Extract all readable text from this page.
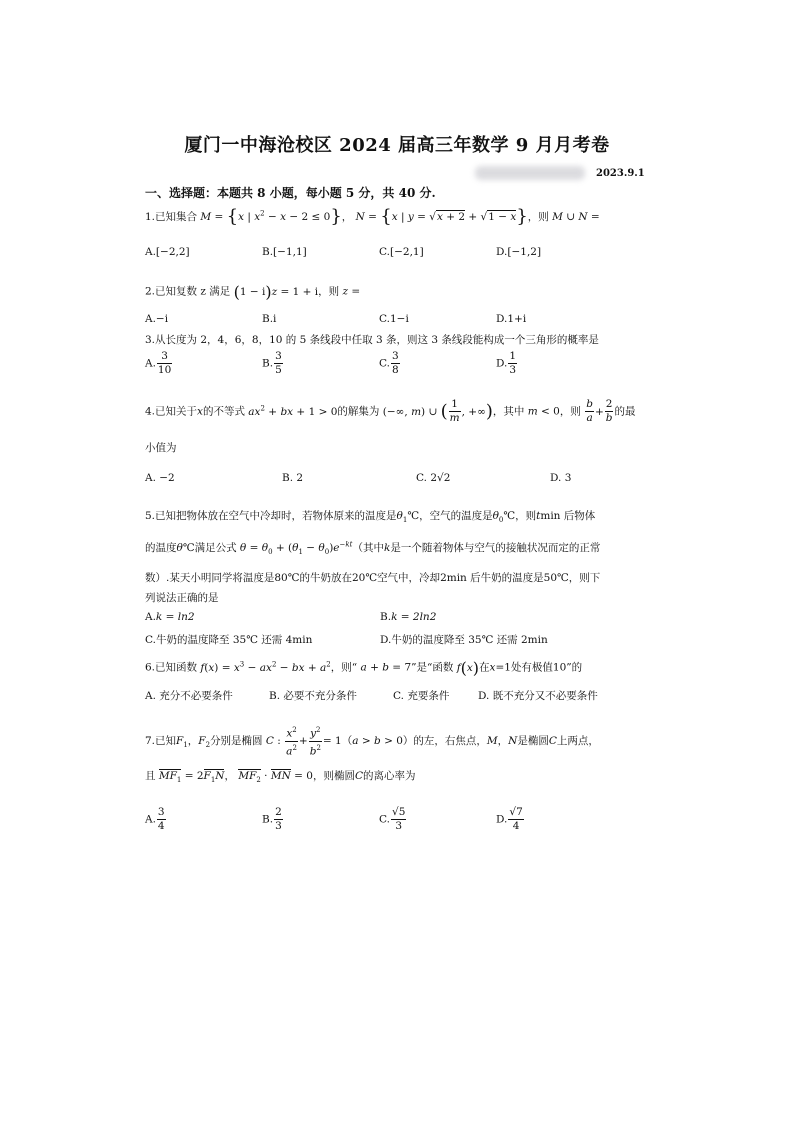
厦门一中海沧校区 2024 届高三年数学 9 月月考卷
2023.9.1
一、选择题：本题共 8 小题，每小题 5 分，共 40 分.
1.已知集合 M = {x | $x^2 - x - 2 \le 0$}， N = {x | y = √x + 2 + √1 − x}，则 M ∪ N =
A.[−2,2]	B.[−1,1]	C.[−2,1]	D.[−1,2]
2.已知复数 z 满足 (1 − i)z = 1 + i，则 z =
A.−i	B.i	C.1−i	D.1+i
3.从长度为 2，4，6，8，10 的 5 条线段中任取 3 条，则这 3 条线段能构成一个三角形的概率是
A. $\frac{3}{10}$	B. $\frac{3}{5}$	C. $\frac{3}{8}$	D. $\frac{1}{3}$
4.已知关于x的不等式 $ax^2$ + bx + 1 > 0的解集为 (−∞, m) ∪ ( $\frac{1}{m}$ , +∞)，其中 m < 0，则 $\frac{b}{a} + \frac{2}{b}$ 的最
小值为
A. −2	B. 2	C. 2√2	D. 3
5.已知把物体放在空气中冷却时，若物体原来的温度是$\theta_1℃$，空气的温度是$\theta_0℃$，则tmin 后物体
的温度θ℃满足公式 $\theta = \theta_0 + (\theta_1 - \theta_0)e^{-kt}$（其中k是一个随着物体与空气的接触状况而定的正常
数）.某天小明同学将温度是80℃的牛奶放在20℃空气中，冷却2min 后牛奶的温度是50℃，则下
列说法正确的是
A.k = ln2	B.k = 2ln2
C.牛奶的温度降至 35℃ 还需 4min	D.牛奶的温度降至 35℃ 还需 2min
6.已知函数 $f(x) = x^3 - ax^2$ − bx + $a^2$，则“ a + b = 7”是“函数 f(x)在x=1处有极值10”的
A. 充分不必要条件	B. 必要不充分条件	C. 充要条件	D. 既不充分又不必要条件
7.已知$F_1$，$F_2$分别是椭圆 C : $\frac{x^2}{a^2} + \frac{y^2}{b^2} = 1(a > b > 0)$的左，右焦点，M，N是椭圆C上两点，
且 $MF_1 = 2F_1N$， $MF_2$ · MN = 0，则椭圆C的离心率为
A. $\frac{3}{4}$	B. $\frac{2}{3}$	C. $\frac{√5}{3}$	D. $\frac{√7}{4}$
